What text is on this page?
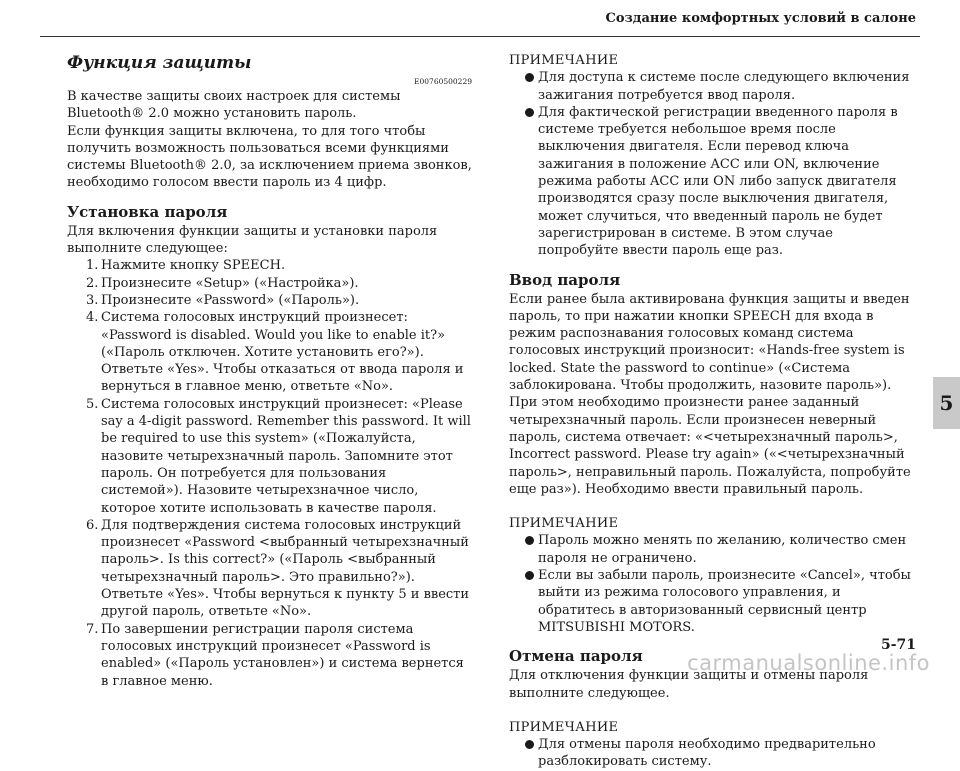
Создание комфортных условий в салоне
Функция защиты
E00760500229

В качестве защиты своих настроек для системы Bluetooth® 2.0 можно установить пароль.

Если функция защиты включена, то для того чтобы получить возможность пользоваться всеми функциями системы Bluetooth® 2.0, за исключением приема звонков, необходимо голосом ввести пароль из 4 цифр.

Установка пароля

Для включения функции защиты и установки пароля выполните следующее:

1. Нажмите кнопку SPEECH.
2. Произнесите «Setup» («Настройка»).
3. Произнесите «Password» («Пароль»).
4. Система голосовых инструкций произнесет: «Password is disabled. Would you like to enable it?» («Пароль отключен. Хотите установить его?»). Ответьте «Yes». Чтобы отказаться от ввода пароля и вернуться в главное меню, ответьте «No».
5. Система голосовых инструкций произнесет: «Please say a 4-digit password. Remember this password. It will be required to use this system» («Пожалуйста, назовите четырехзначный пароль. Запомните этот пароль. Он потребуется для пользования системой»). Назовите четырехзначное число, которое хотите использовать в качестве пароля.
6. Для подтверждения система голосовых инструкций произнесет «Password <выбранный четырехзначный пароль>. Is this correct?» («Пароль <выбранный четырехзначный пароль>. Это правильно?»). Ответьте «Yes». Чтобы вернуться к пункту 5 и ввести другой пароль, ответьте «No».
7. По завершении регистрации пароля система голосовых инструкций произнесет «Password is enabled» («Пароль установлен») и система вернется в главное меню.
ПРИМЕЧАНИЕ
Для доступа к системе после следующего включения зажигания потребуется ввод пароля.
Для фактической регистрации введенного пароля в системе требуется небольшое время после выключения двигателя. Если перевод ключа зажигания в положение ACC или ON, включение режима работы ACC или ON либо запуск двигателя производятся сразу после выключения двигателя, может случиться, что введенный пароль не будет зарегистрирован в системе. В этом случае попробуйте ввести пароль еще раз.
Ввод пароля

Если ранее была активирована функция защиты и введен пароль, то при нажатии кнопки SPEECH для входа в режим распознавания голосовых команд система голосовых инструкций произносит: «Hands-free system is locked. State the password to continue» («Система заблокирована. Чтобы продолжить, назовите пароль»). При этом необходимо произнести ранее заданный четырехзначный пароль. Если произнесен неверный пароль, система отвечает: «<четырехзначный пароль>, Incorrect password. Please try again» («<четырехзначный пароль>, неправильный пароль. Пожалуйста, попробуйте еще раз»). Необходимо ввести правильный пароль.

ПРИМЕЧАНИЕ
Пароль можно менять по желанию, количество смен пароля не ограничено.
Если вы забыли пароль, произнесите «Cancel», чтобы выйти из режима голосового управления, и обратитесь в авторизованный сервисный центр MITSUBISHI MOTORS.
Отмена пароля

Для отключения функции защиты и отмены пароля выполните следующее.

ПРИМЕЧАНИЕ
Для отмены пароля необходимо предварительно разблокировать систему.
5
5-71
carmanualsonline.info
